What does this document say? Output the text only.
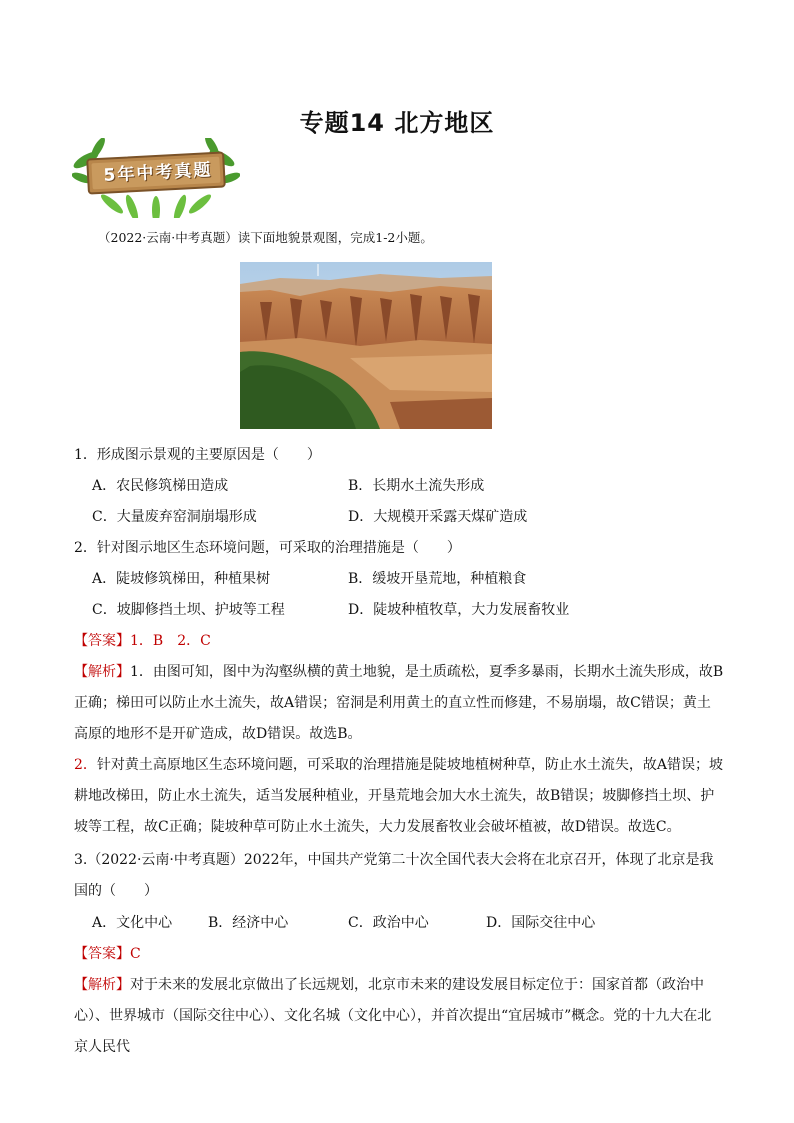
专题14 北方地区
5年中考真题
（2022·云南·中考真题）读下面地貌景观图，完成1-2小题。
1．形成图示景观的主要原因是（　　）
A．农民修筑梯田造成	B．长期水土流失形成
C．大量废弃窑洞崩塌形成	D．大规模开采露天煤矿造成
2．针对图示地区生态环境问题，可采取的治理措施是（　　）
A．陡坡修筑梯田，种植果树	B．缓坡开垦荒地，种植粮食
C．坡脚修挡土坝、护坡等工程	D．陡坡种植牧草，大力发展畜牧业
【答案】1．B　2．C
【解析】1．由图可知，图中为沟壑纵横的黄土地貌，是土质疏松，夏季多暴雨，长期水土流失形成，故B正确；梯田可以防止水土流失，故A错误；窑洞是利用黄土的直立性而修建，不易崩塌，故C错误；黄土高原的地形不是开矿造成，故D错误。故选B。
2．针对黄土高原地区生态环境问题，可采取的治理措施是陡坡地植树种草，防止水土流失，故A错误；坡耕地改梯田，防止水土流失，适当发展种植业，开垦荒地会加大水土流失，故B错误；坡脚修挡土坝、护坡等工程，故C正确；陡坡种草可防止水土流失，大力发展畜牧业会破坏植被，故D错误。故选C。
3.（2022·云南·中考真题）2022年，中国共产党第二十次全国代表大会将在北京召开，体现了北京是我国的（　　）
A．文化中心	B．经济中心	C．政治中心	D．国际交往中心
【答案】C
【解析】对于未来的发展北京做出了长远规划，北京市未来的建设发展目标定位于：国家首都（政治中心）、世界城市（国际交往中心）、文化名城（文化中心），并首次提出“宜居城市”概念。党的十九大在北京人民代
